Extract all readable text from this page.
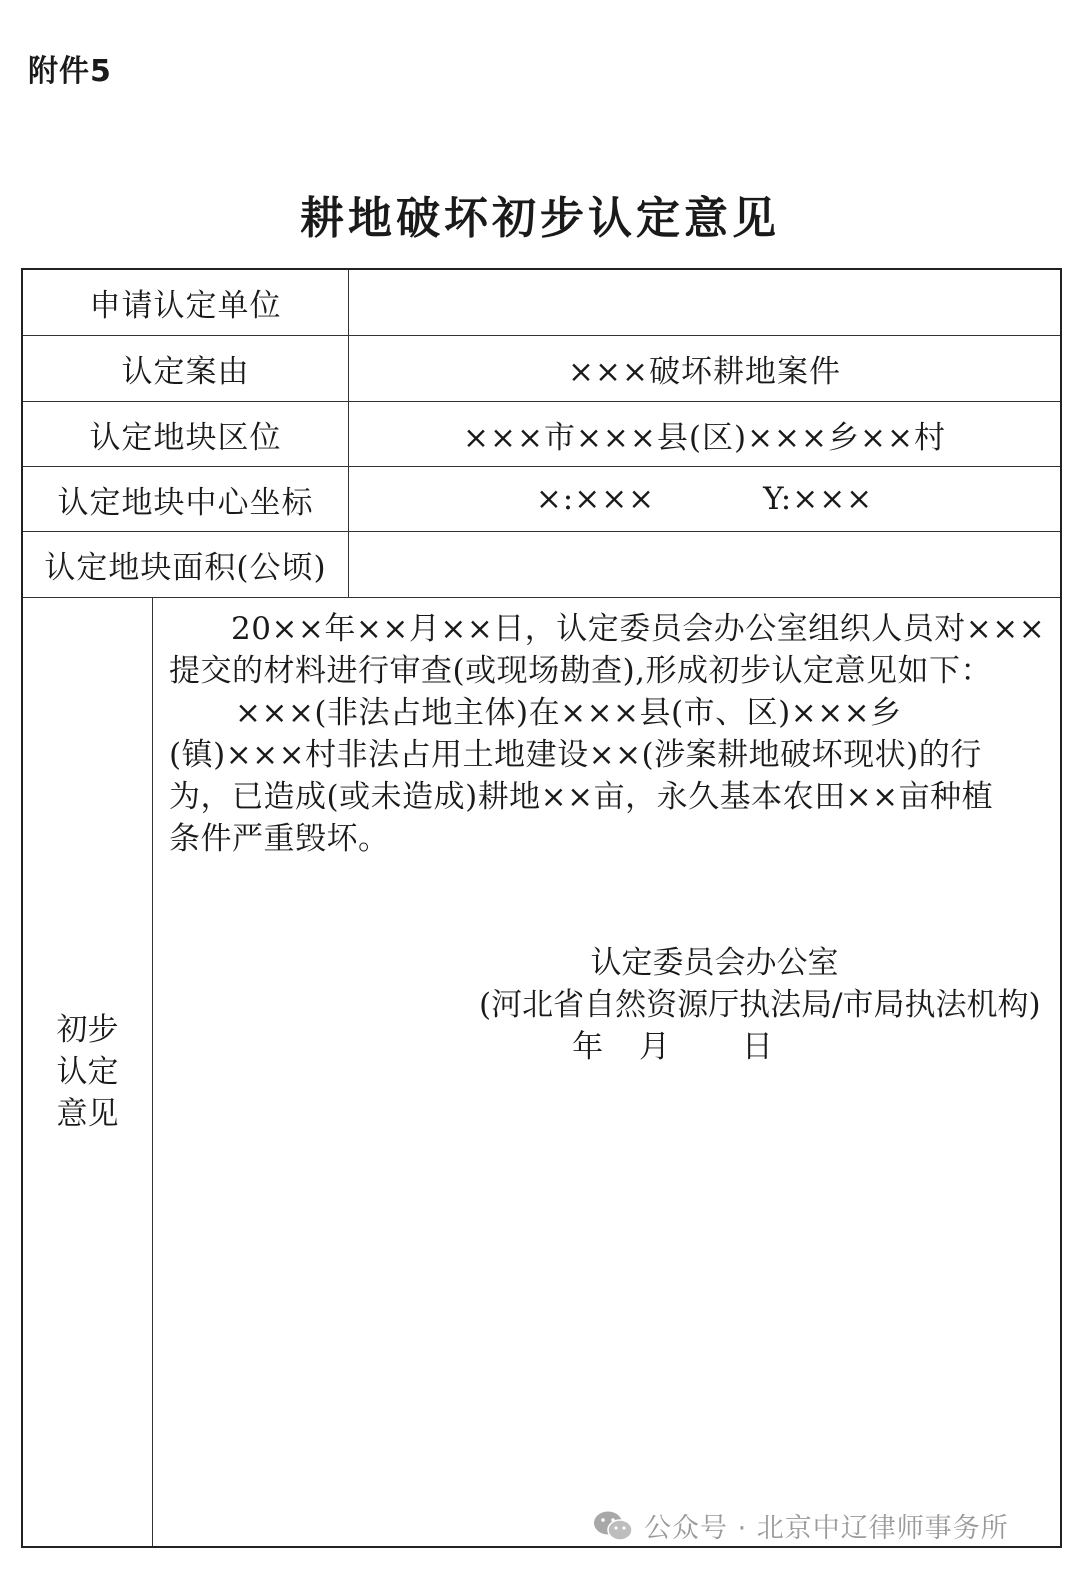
附件5
耕地破坏初步认定意见
申请认定单位
认定案由	×××破坏耕地案件
认定地块区位	×××市×××县(区)×××乡××村
认定地块中心坐标	×:×××	Y:×××
认定地块面积(公顷)
初步
认定
意见

20××年××月××日，认定委员会办公室组织人员对×××提交的材料进行审查(或现场勘查),形成初步认定意见如下：

×××(非法占地主体)在×××县(市、区)×××乡(镇)×××村非法占用土地建设××(涉案耕地破坏现状)的行为，已造成(或未造成)耕地××亩，永久基本农田××亩种植条件严重毁坏。

认定委员会办公室
(河北省自然资源厅执法局/市局执法机构)
年 月 日
公众号 · 北京中辽律师事务所
